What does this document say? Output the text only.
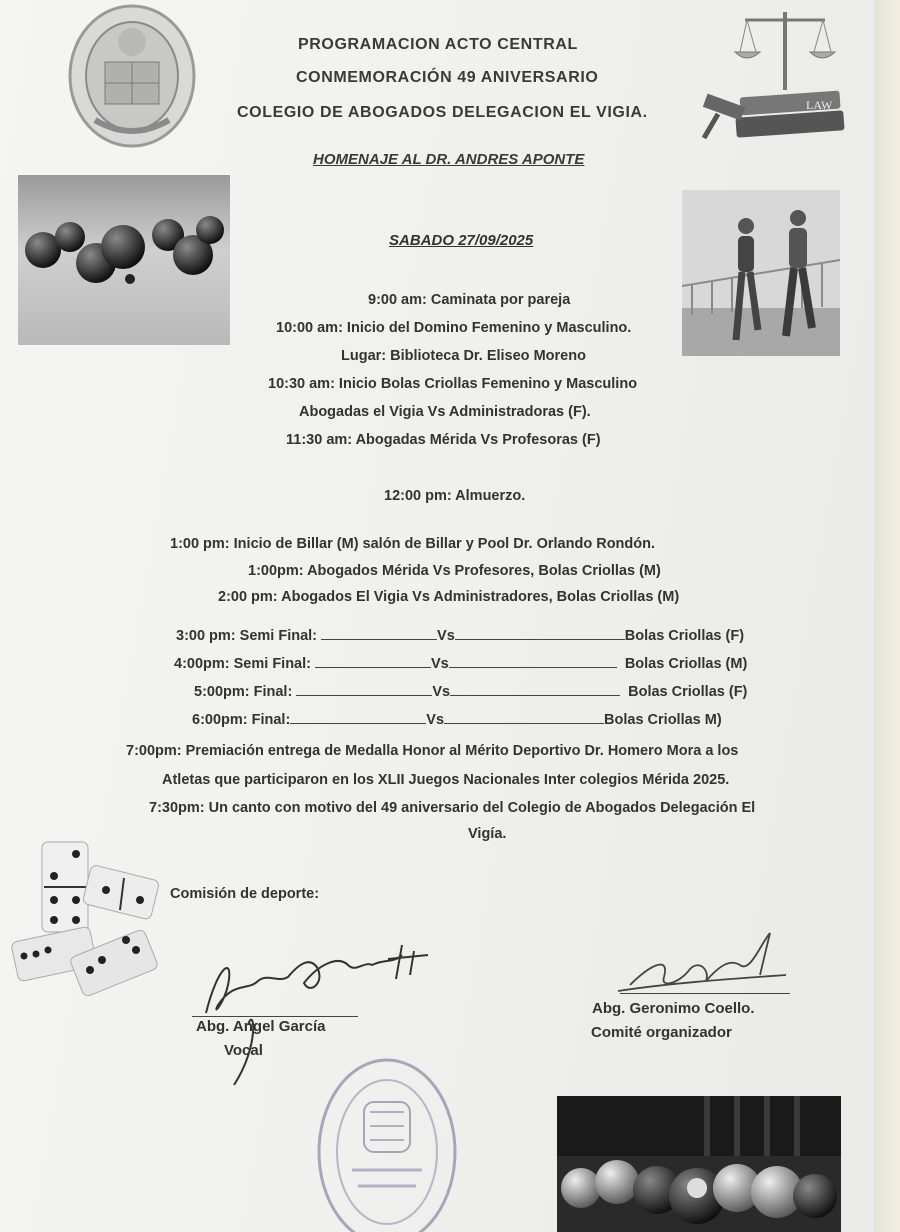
LAW
PROGRAMACION ACTO CENTRAL
CONMEMORACIÓN 49 ANIVERSARIO
COLEGIO DE ABOGADOS DELEGACION EL VIGIA.
HOMENAJE AL DR. ANDRES APONTE
SABADO 27/09/2025
9:00 am: Caminata por pareja
10:00 am: Inicio del Domino Femenino y Masculino.
Lugar: Biblioteca Dr. Eliseo Moreno
10:30 am: Inicio Bolas Criollas Femenino y Masculino
Abogadas el Vigia Vs Administradoras (F).
11:30 am: Abogadas Mérida Vs Profesoras (F)
12:00 pm: Almuerzo.
1:00 pm: Inicio de Billar (M) salón de Billar y Pool Dr. Orlando Rondón.
1:00pm: Abogados Mérida Vs Profesores, Bolas Criollas (M)
2:00 pm: Abogados El Vigia Vs Administradores, Bolas Criollas (M)
3:00 pm: Semi Final:	Vs	Bolas Criollas (F)
4:00pm: Semi Final:	Vs	Bolas Criollas (M)
5:00pm: Final:	Vs	Bolas Criollas (F)
6:00pm: Final:	Vs	Bolas Criollas M)
7:00pm: Premiación entrega de Medalla Honor al Mérito Deportivo Dr. Homero Mora a los
Atletas que participaron en los XLII Juegos Nacionales Inter colegios Mérida 2025.
7:30pm: Un canto con motivo del 49 aniversario del Colegio de Abogados Delegación El
Vigía.
Comisión de deporte:
Abg. Angel García
Vocal
Abg. Geronimo Coello.
Comité organizador
